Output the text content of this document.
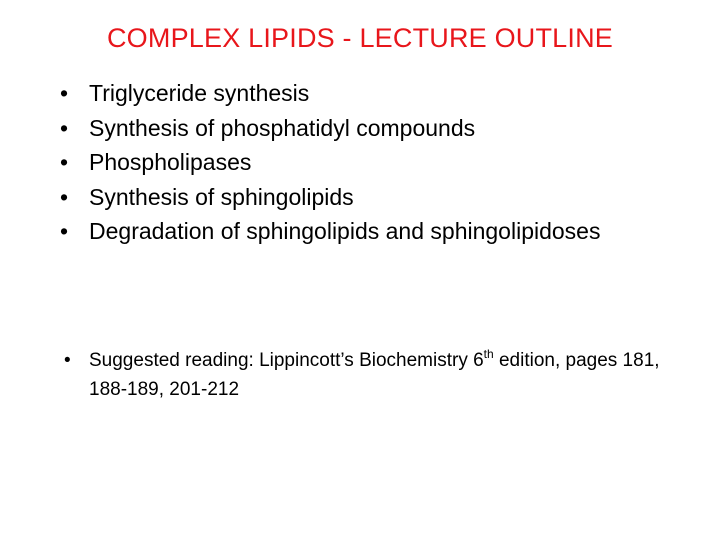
COMPLEX LIPIDS - LECTURE OUTLINE
• Triglyceride synthesis
• Synthesis of phosphatidyl compounds
• Phospholipases
• Synthesis of sphingolipids
• Degradation of sphingolipids and sphingolipidoses
• Suggested reading: Lippincott’s Biochemistry 6th edition, pages 181, 188-189, 201-212
